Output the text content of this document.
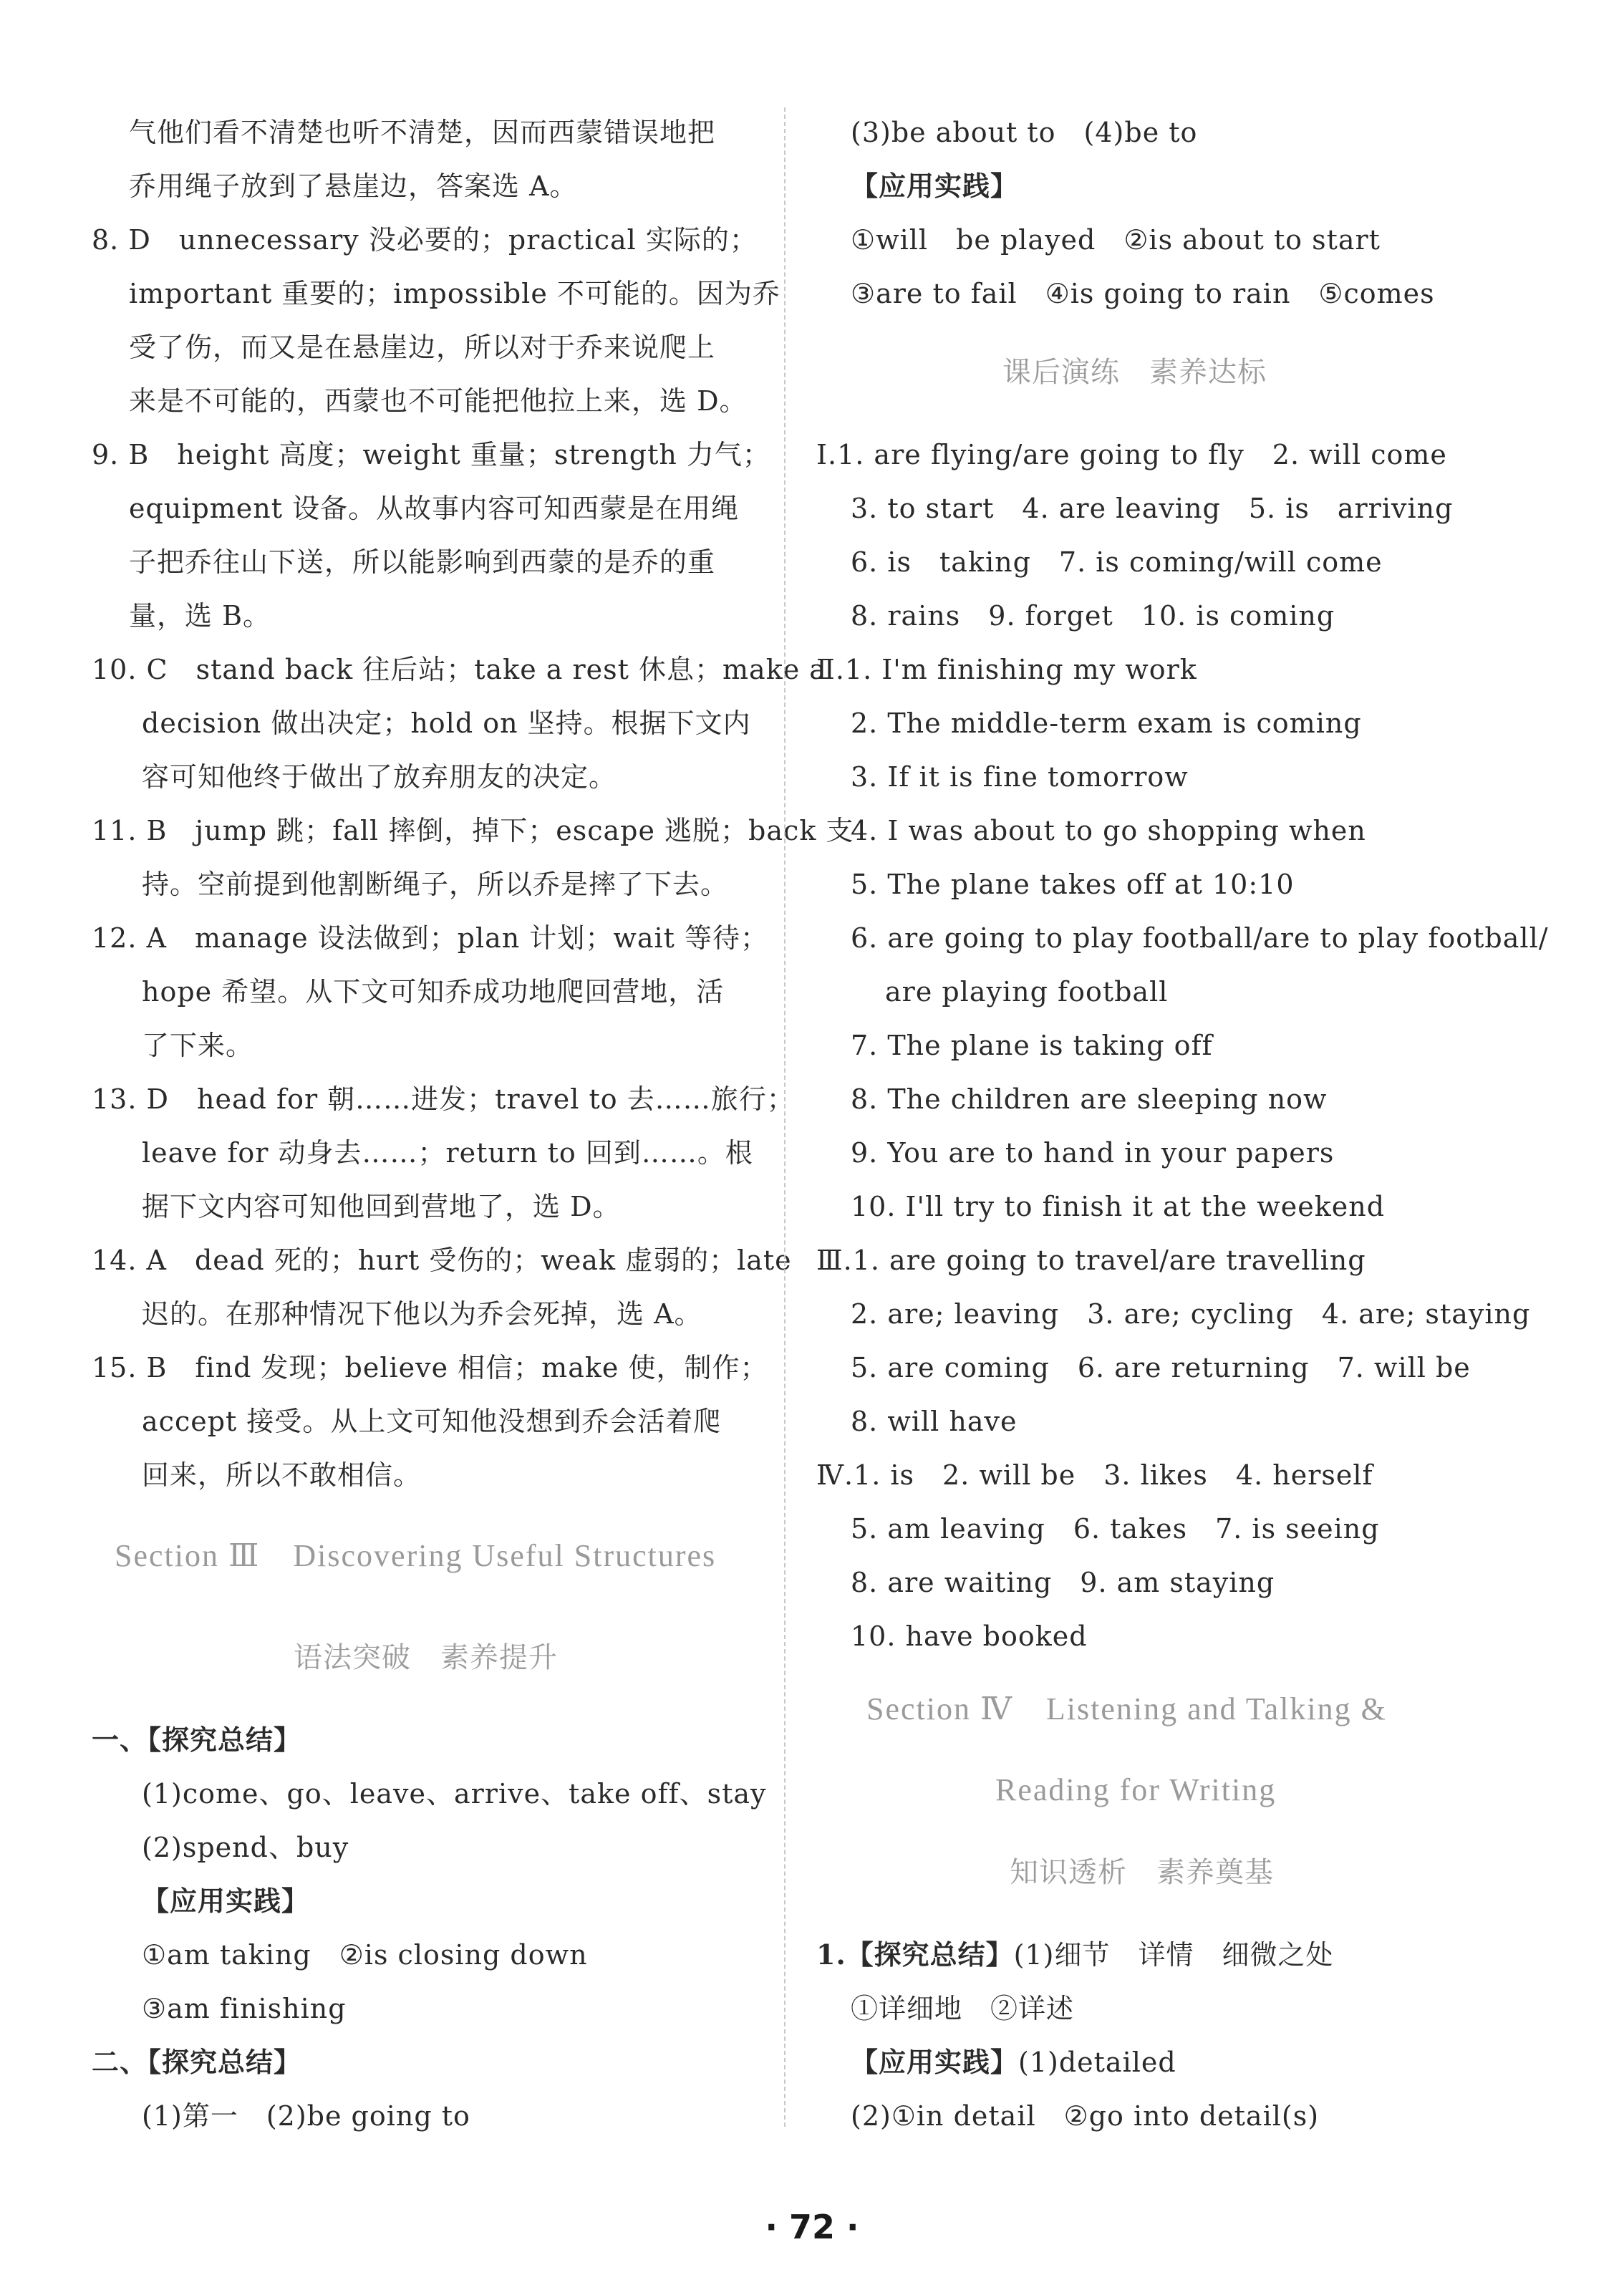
气他们看不清楚也听不清楚，因而西蒙错误地把
乔用绳子放到了悬崖边，答案选 A。
8. D　unnecessary 没必要的；practical 实际的；
important 重要的；impossible 不可能的。因为乔
受了伤，而又是在悬崖边，所以对于乔来说爬上
来是不可能的，西蒙也不可能把他拉上来，选 D。
9. B　height 高度；weight 重量；strength 力气；
equipment 设备。从故事内容可知西蒙是在用绳
子把乔往山下送，所以能影响到西蒙的是乔的重
量，选 B。
10. C　stand back 往后站；take a rest 休息；make a
decision 做出决定；hold on 坚持。根据下文内
容可知他终于做出了放弃朋友的决定。
11. B　jump 跳；fall 摔倒，掉下；escape 逃脱；back 支
持。空前提到他割断绳子，所以乔是摔了下去。
12. A　manage 设法做到；plan 计划；wait 等待；
hope 希望。从下文可知乔成功地爬回营地，活
了下来。
13. D　head for 朝……进发；travel to 去……旅行；
leave for 动身去……；return to 回到……。根
据下文内容可知他回到营地了，选 D。
14. A　dead 死的；hurt 受伤的；weak 虚弱的；late
迟的。在那种情况下他以为乔会死掉，选 A。
15. B　find 发现；believe 相信；make 使，制作；
accept 接受。从上文可知他没想到乔会活着爬
回来，所以不敢相信。
Section Ⅲ　Discovering Useful Structures
语法突破　素养提升
一、【探究总结】
(1)come、go、leave、arrive、take off、stay
(2)spend、buy
【应用实践】
①am taking　②is closing down
③am finishing
二、【探究总结】
(1)第一　(2)be going to
(3)be about to　(4)be to
【应用实践】
①will　be played　②is about to start
③are to fail　④is going to rain　⑤comes
课后演练　素养达标
Ⅰ.1. are flying/are going to fly　2. will come
3. to start　4. are leaving　5. is　arriving
6. is　taking　7. is coming/will come
8. rains　9. forget　10. is coming
Ⅱ.1. I'm finishing my work
2. The middle-term exam is coming
3. If it is fine tomorrow
4. I was about to go shopping when
5. The plane takes off at 10:10
6. are going to play football/are to play football/
are playing football
7. The plane is taking off
8. The children are sleeping now
9. You are to hand in your papers
10. I'll try to finish it at the weekend
Ⅲ.1. are going to travel/are travelling
2. are; leaving　3. are; cycling　4. are; staying
5. are coming　6. are returning　7. will be
8. will have
Ⅳ.1. is　2. will be　3. likes　4. herself
5. am leaving　6. takes　7. is seeing
8. are waiting　9. am staying
10. have booked
Section Ⅳ　Listening and Talking &
Reading for Writing
知识透析　素养奠基
1.【探究总结】(1)细节　详情　细微之处
①详细地　②详述
【应用实践】(1)detailed
(2)①in detail　②go into detail(s)
· 72 ·
